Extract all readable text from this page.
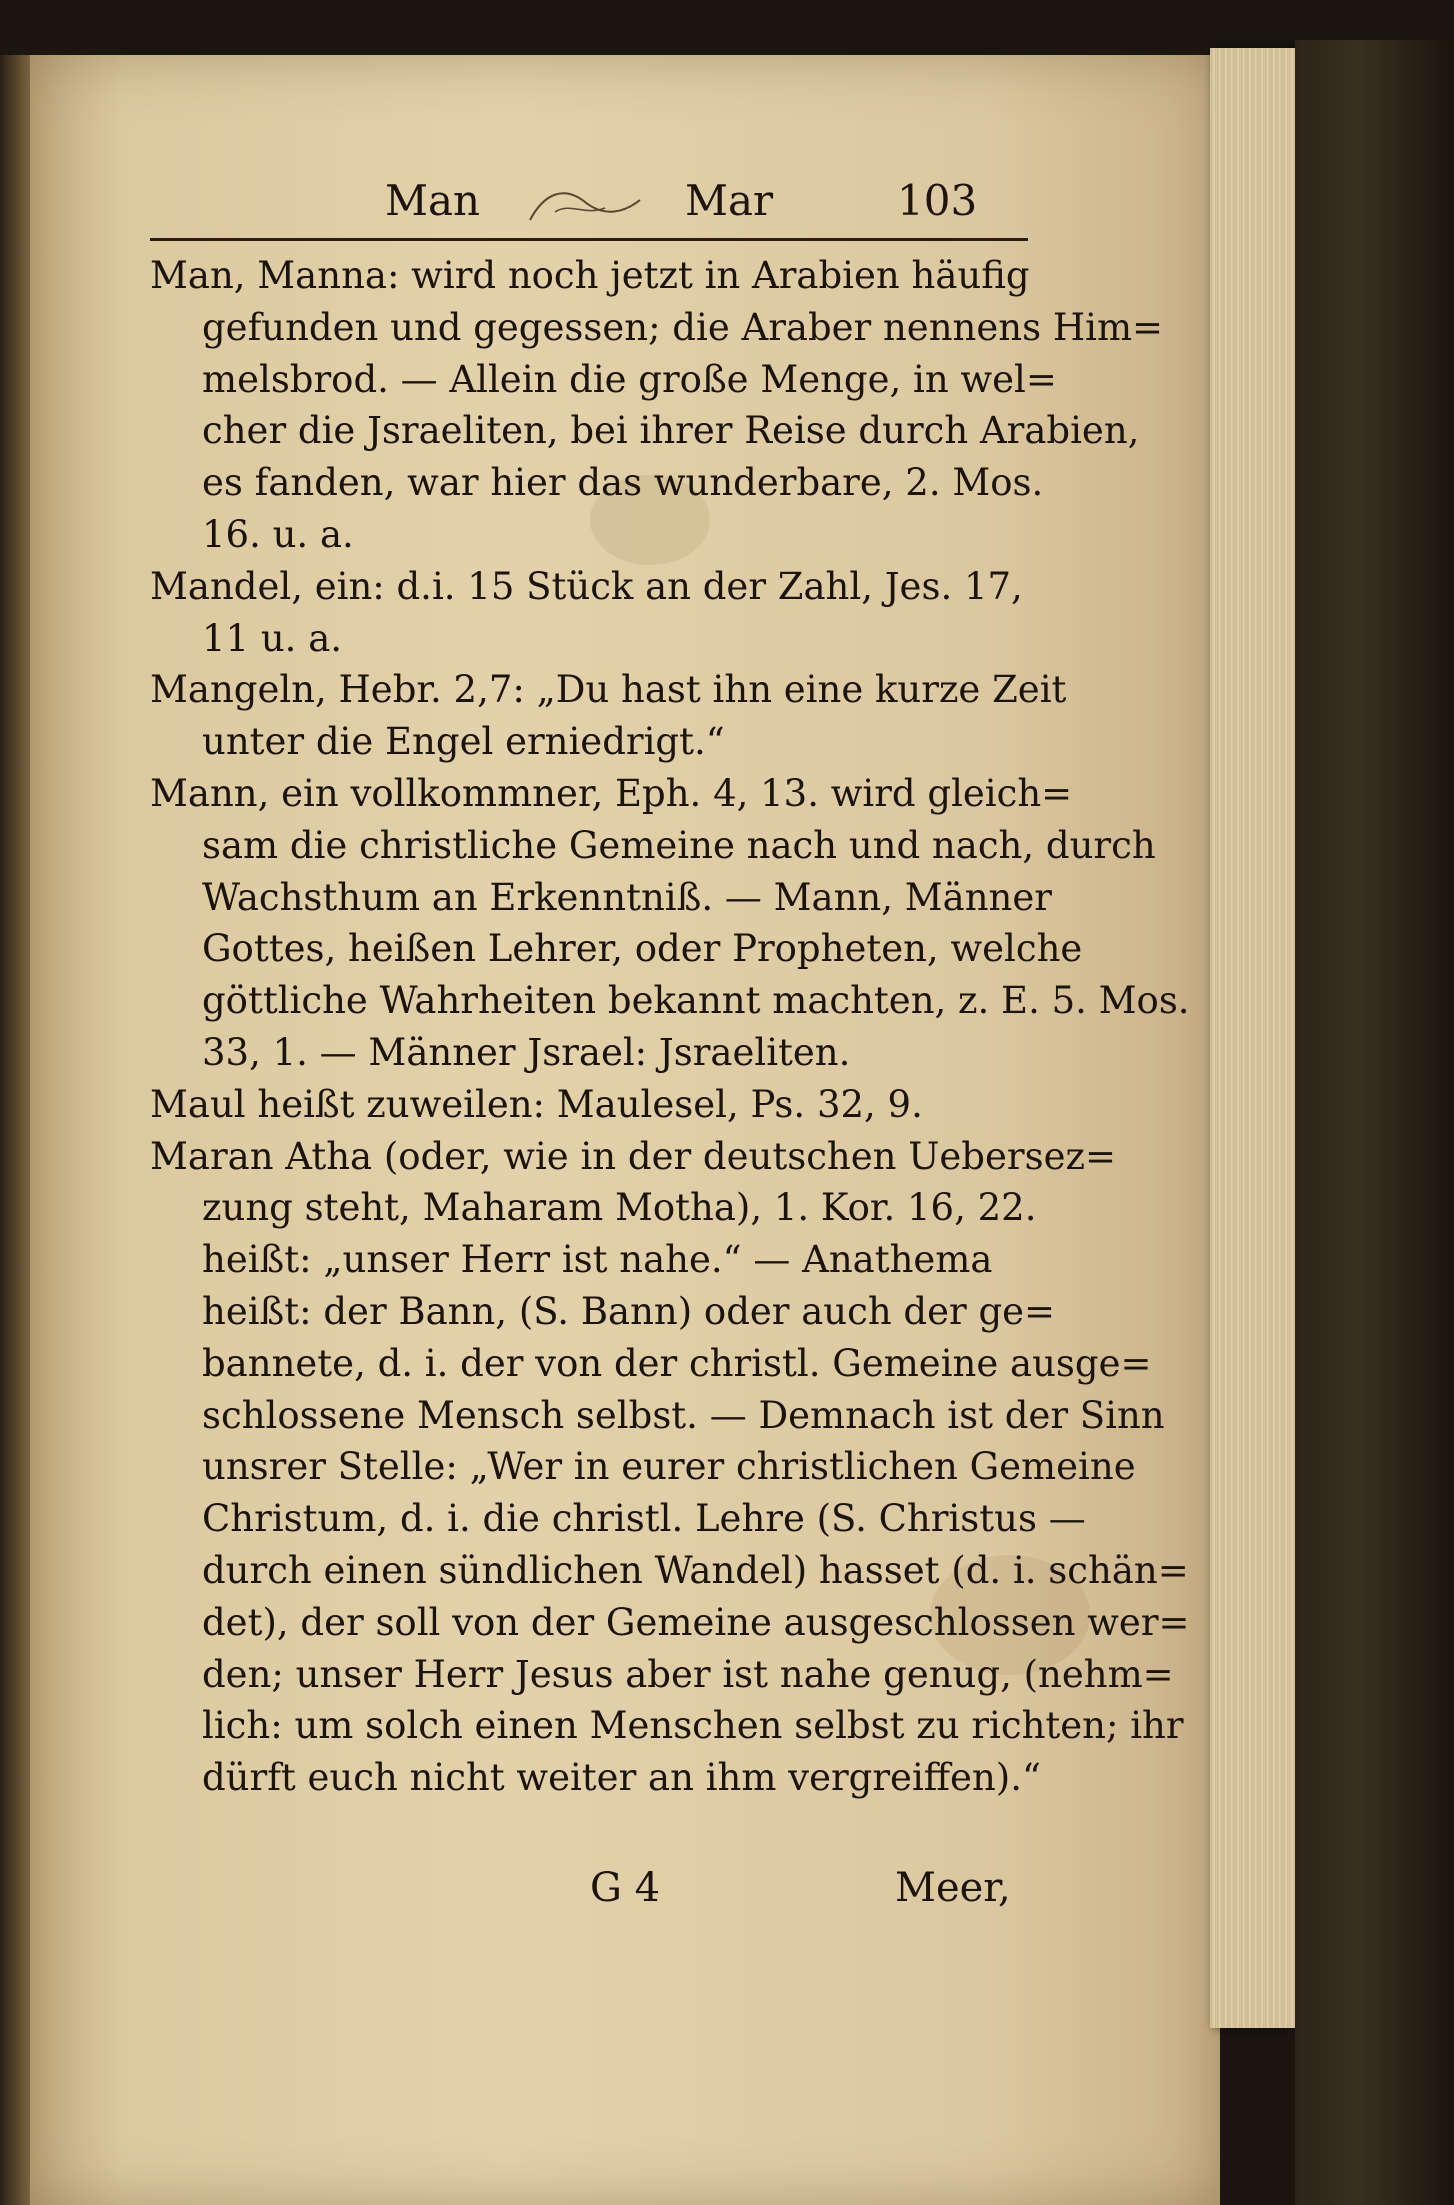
Man	Mar	103
Man, Manna: wird noch jetzt in Arabien häufig
gefunden und gegessen; die Araber nennens Him=
melsbrod. — Allein die große Menge, in wel=
cher die Jsraeliten, bei ihrer Reise durch Arabien,
es fanden, war hier das wunderbare, 2. Mos.
16. u. a.
Mandel, ein: d.i. 15 Stück an der Zahl, Jes. 17,
11 u. a.
Mangeln, Hebr. 2,7: „Du hast ihn eine kurze Zeit
unter die Engel erniedrigt.“
Mann, ein vollkommner, Eph. 4, 13. wird gleich=
sam die christliche Gemeine nach und nach, durch
Wachsthum an Erkenntniß. — Mann, Männer
Gottes, heißen Lehrer, oder Propheten, welche
göttliche Wahrheiten bekannt machten, z. E. 5. Mos.
33, 1. — Männer Jsrael: Jsraeliten.
Maul heißt zuweilen: Maulesel, Ps. 32, 9.
Maran Atha (oder, wie in der deutschen Uebersez=
zung steht, Maharam Motha), 1. Kor. 16, 22.
heißt: „unser Herr ist nahe.“ — Anathema
heißt: der Bann, (S. Bann) oder auch der ge=
bannete, d. i. der von der christl. Gemeine ausge=
schlossene Mensch selbst. — Demnach ist der Sinn
unsrer Stelle: „Wer in eurer christlichen Gemeine
Christum, d. i. die christl. Lehre (S. Christus —
durch einen sündlichen Wandel) hasset (d. i. schän=
det), der soll von der Gemeine ausgeschlossen wer=
den; unser Herr Jesus aber ist nahe genug, (nehm=
lich: um solch einen Menschen selbst zu richten; ihr
dürft euch nicht weiter an ihm vergreiffen).“
G 4	Meer,
